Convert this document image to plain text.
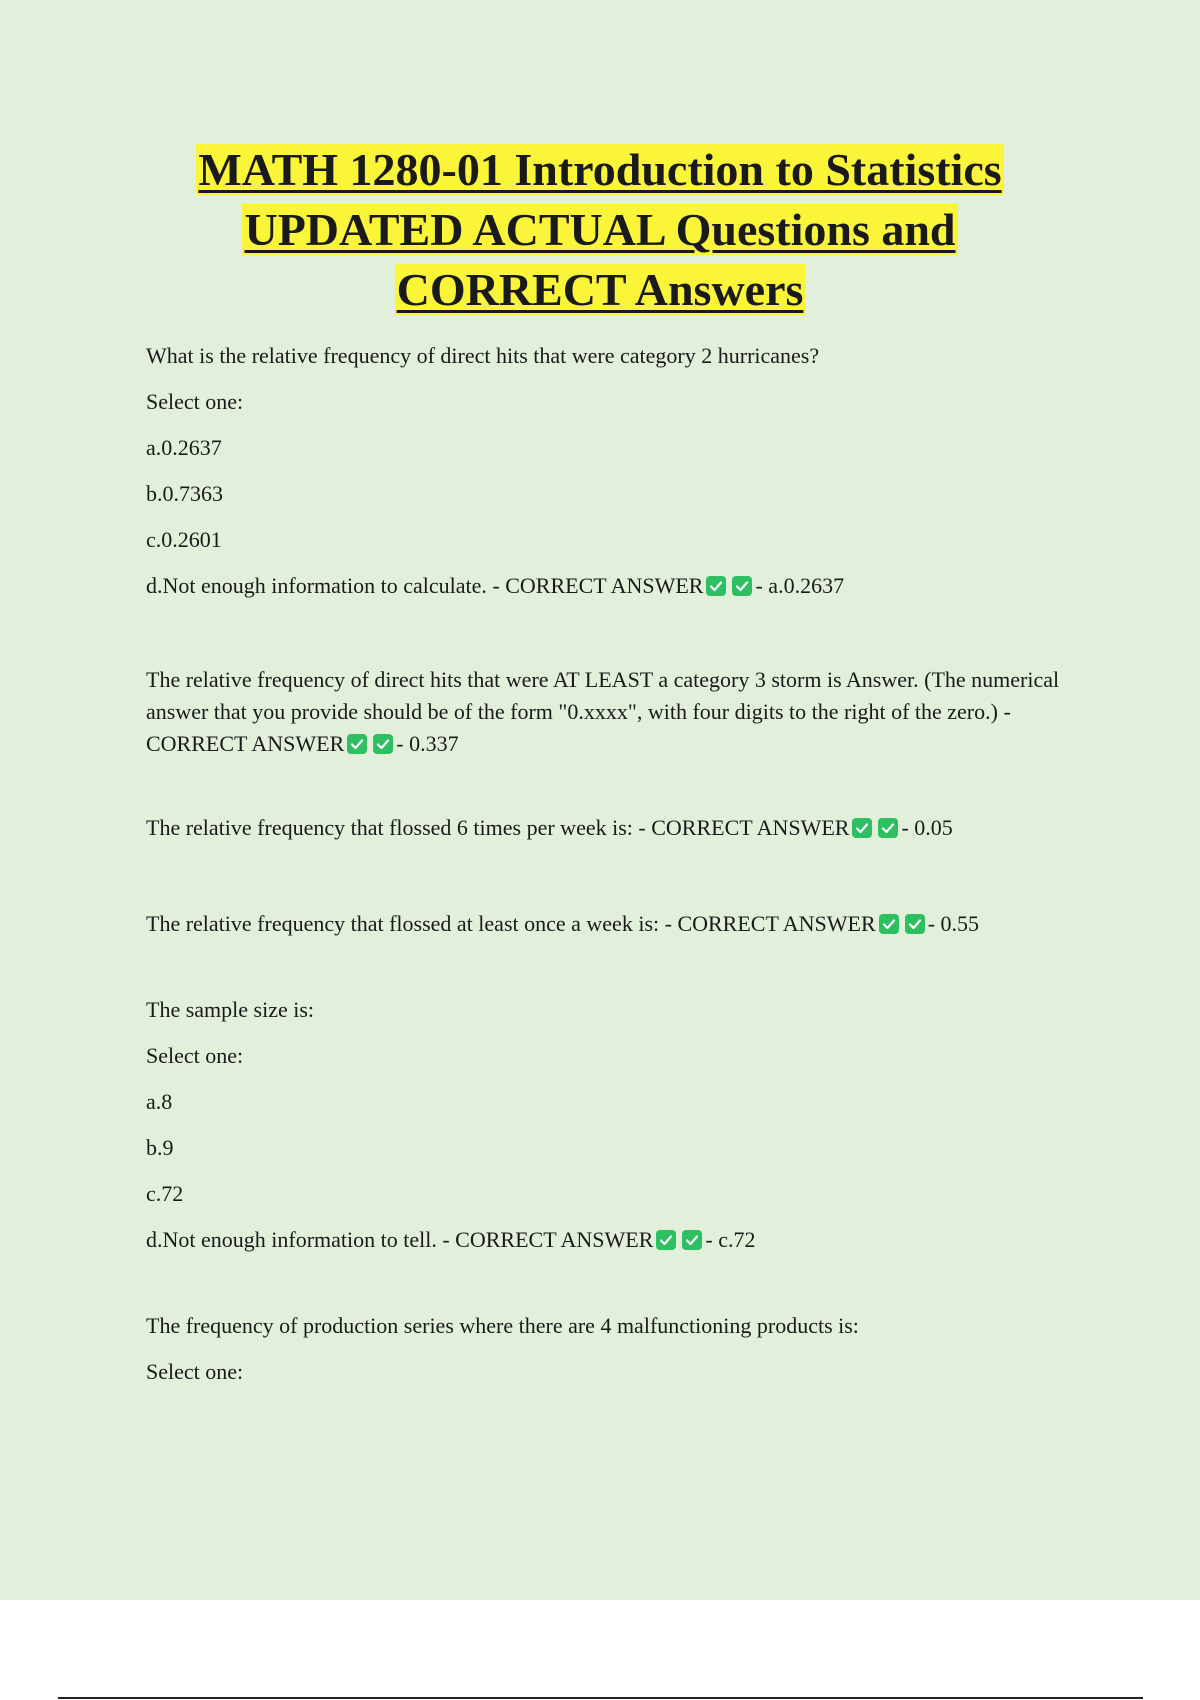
MATH 1280-01 Introduction to Statistics
UPDATED ACTUAL Questions and
CORRECT Answers
What is the relative frequency of direct hits that were category 2 hurricanes?
Select one:
a.0.2637
b.0.7363
c.0.2601
d.Not enough information to calculate. - CORRECT ANSWER - a.0.2637

The relative frequency of direct hits that were AT LEAST a category 3 storm is Answer. (The numerical answer that you provide should be of the form "0.xxxx", with four digits to the right of the zero.) - CORRECT ANSWER - 0.337

The relative frequency that flossed 6 times per week is: - CORRECT ANSWER - 0.05
The relative frequency that flossed at least once a week is: - CORRECT ANSWER - 0.55
The sample size is:
Select one:
a.8
b.9
c.72
d.Not enough information to tell. - CORRECT ANSWER - c.72
The frequency of production series where there are 4 malfunctioning products is:
Select one:
